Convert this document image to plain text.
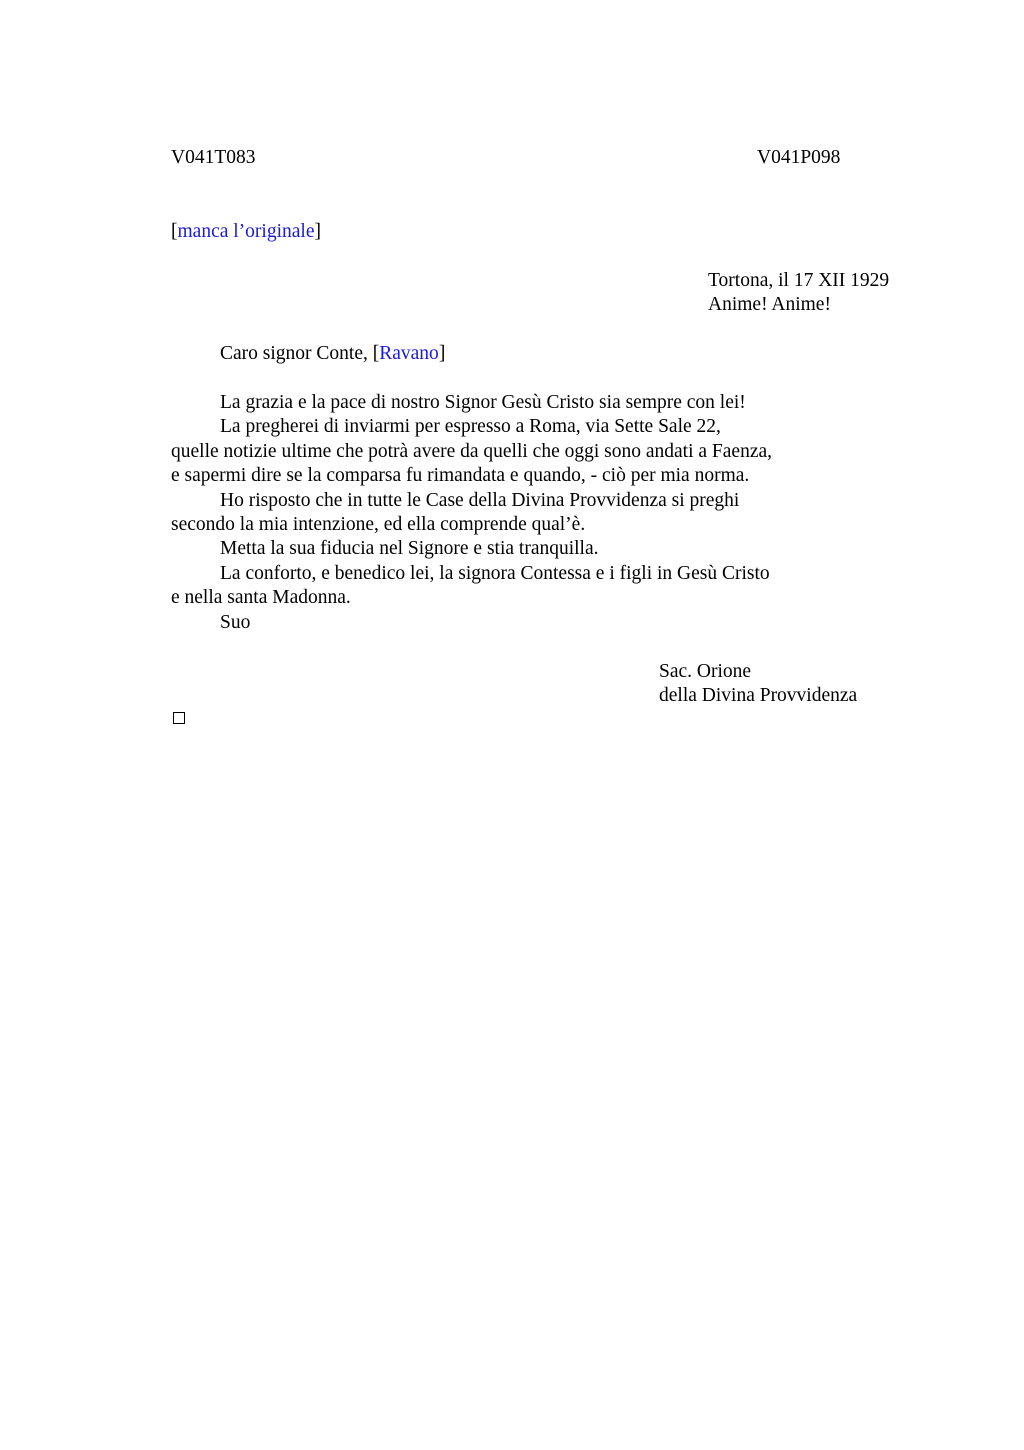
V041T083	V041P098
[manca l’originale]
Tortona, il 17 XII 1929
Anime! Anime!
Caro signor Conte, [Ravano]
La grazia e la pace di nostro Signor Gesù Cristo sia sempre con lei!
La pregherei di inviarmi per espresso a Roma, via Sette Sale 22,
quelle notizie ultime che potrà avere da quelli che oggi sono andati a Faenza,
e sapermi dire se la comparsa fu rimandata e quando, - ciò per mia norma.
Ho risposto che in tutte le Case della Divina Provvidenza si preghi
secondo la mia intenzione, ed ella comprende qual’è.
Metta la sua fiducia nel Signore e stia tranquilla.
La conforto, e benedico lei, la signora Contessa e i figli in Gesù Cristo
e nella santa Madonna.
Suo
Sac. Orione
della Divina Provvidenza
